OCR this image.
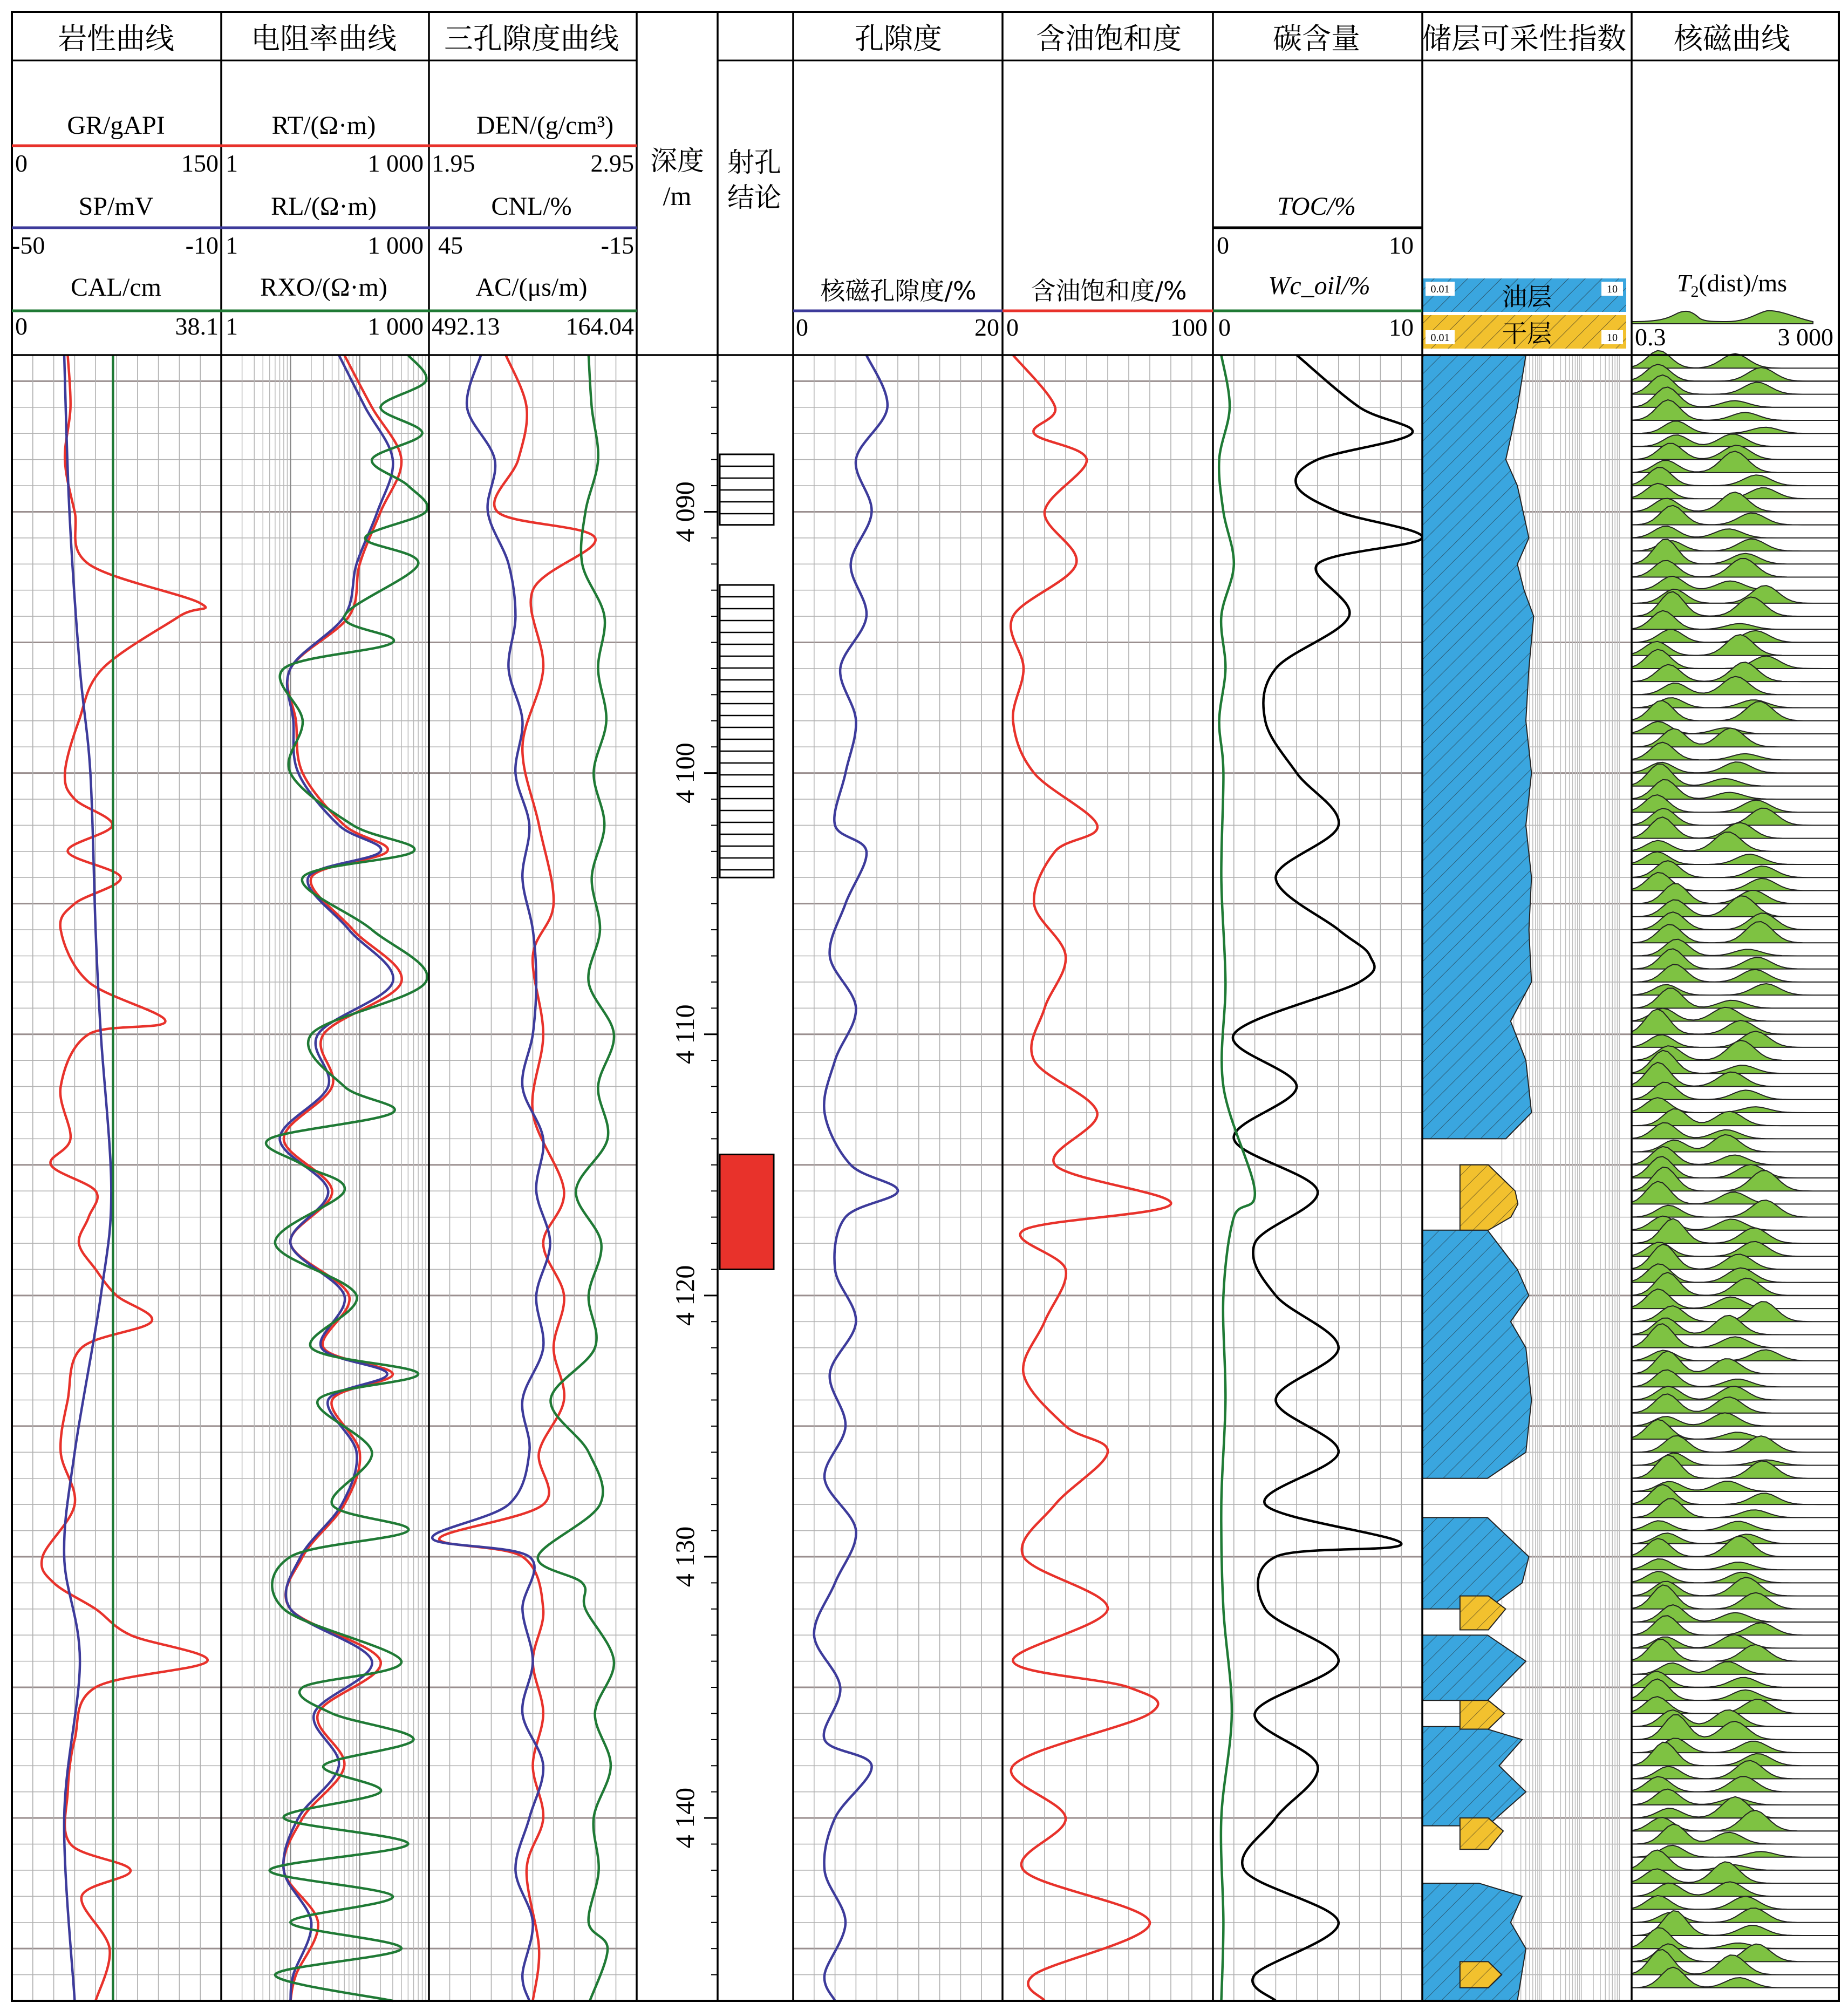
岩性曲线	电阻率曲线 三孔隙度曲线	孔隙度	含油饱和度	碳含量 储层可采性指数 核磁曲线
深度
/m
射孔
结论
GR/gAPI
0	150
SP/mV
-50	-10
CAL/cm
0	38.1
RT/(Ω·m)
1	1 000
RL/(Ω·m)
1	1 000
RXO/(Ω·m)
1	1 000
DEN/(g/cm³)
1.95	2.95
CNL/%
45	-15
AC/(μs/m)
492.13	164.04
核磁孔隙度/%
0	20
含油饱和度/%
0	100
TOC/%
0	10
Wc_oil/%
0	10
0.01	10
0.01	10
油层
干层
$T_2(dist)/ms$
0.3	3 000
4 090
4 100
4 110
4 120
4 130
4 140
